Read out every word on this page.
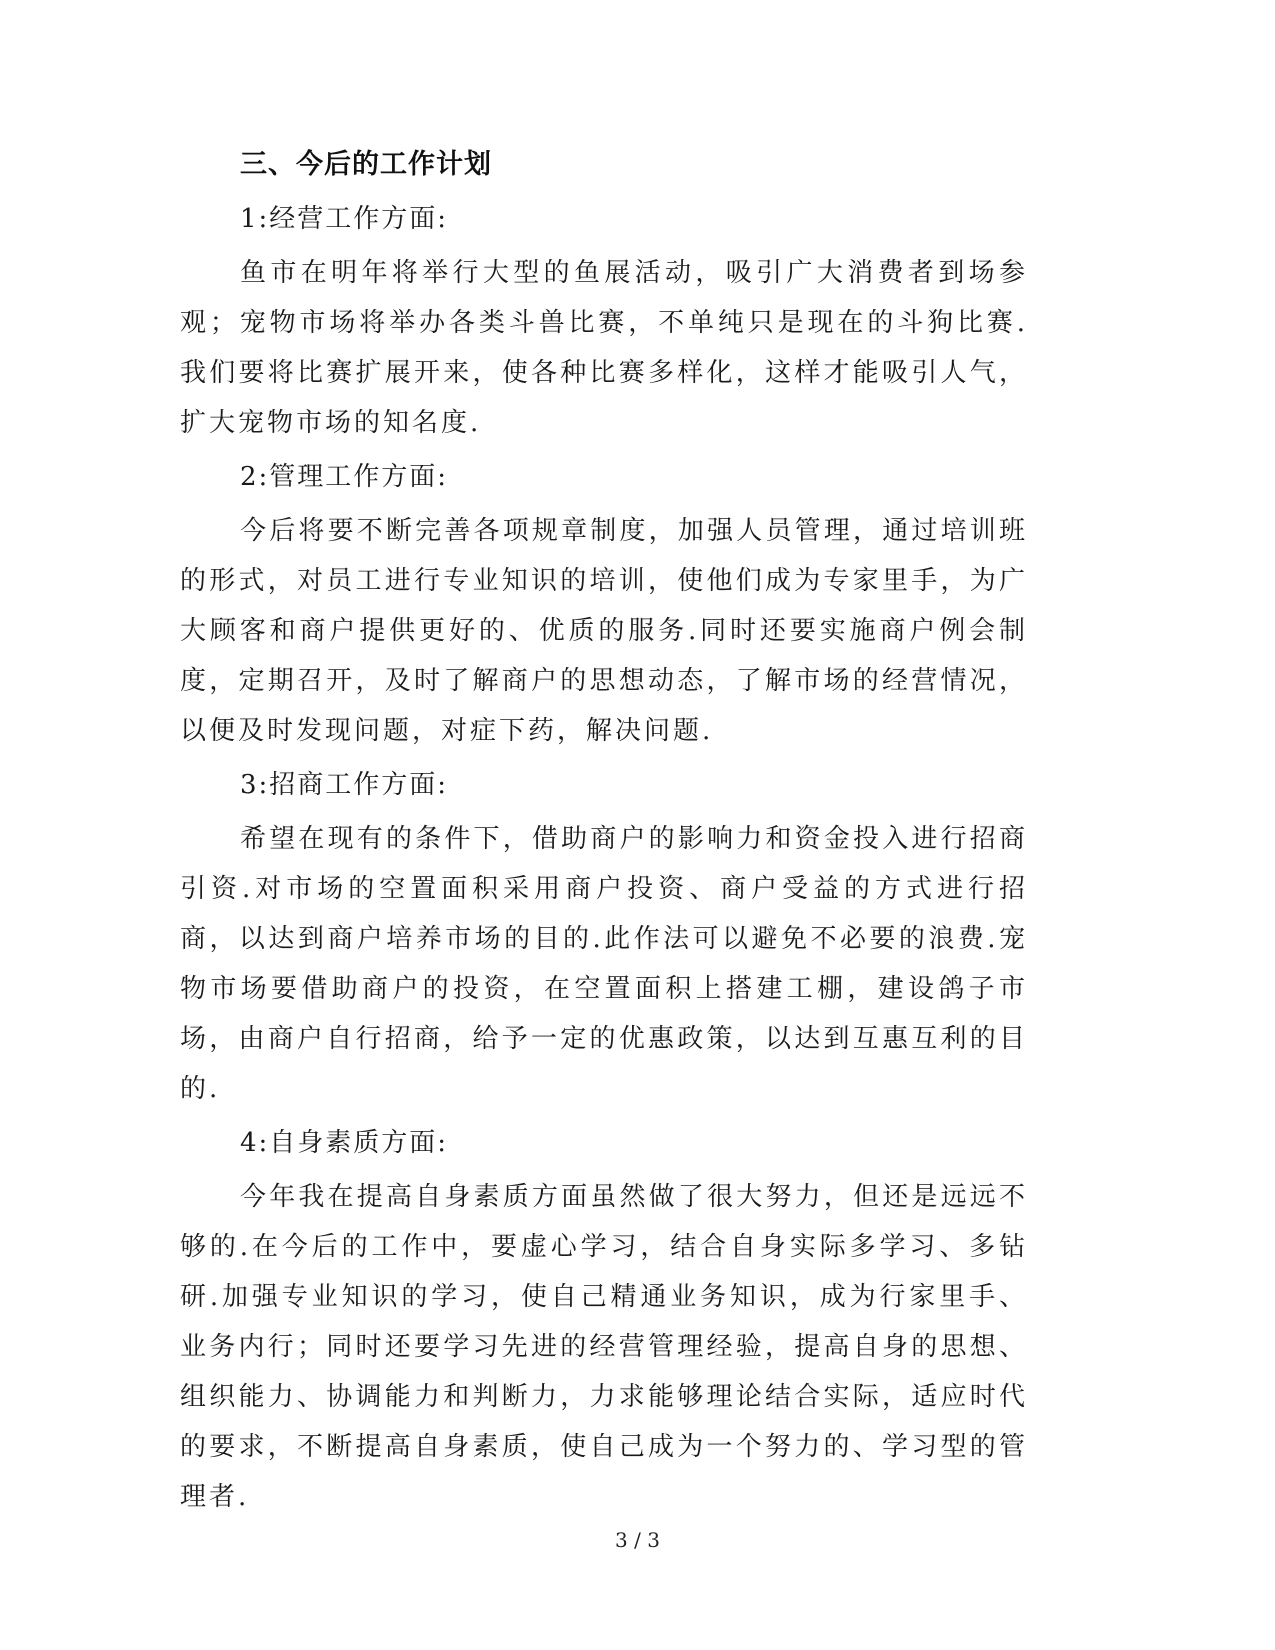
三、今后的工作计划

1:经营工作方面:

鱼市在明年将举行大型的鱼展活动，吸引广大消费者到场参观；宠物市场将举办各类斗兽比赛，不单纯只是现在的斗狗比赛.我们要将比赛扩展开来，使各种比赛多样化，这样才能吸引人气，扩大宠物市场的知名度.

2:管理工作方面:

今后将要不断完善各项规章制度，加强人员管理，通过培训班的形式，对员工进行专业知识的培训，使他们成为专家里手，为广大顾客和商户提供更好的、优质的服务.同时还要实施商户例会制度，定期召开，及时了解商户的思想动态，了解市场的经营情况，以便及时发现问题，对症下药，解决问题.

3:招商工作方面:

希望在现有的条件下，借助商户的影响力和资金投入进行招商引资.对市场的空置面积采用商户投资、商户受益的方式进行招商，以达到商户培养市场的目的.此作法可以避免不必要的浪费.宠物市场要借助商户的投资，在空置面积上搭建工棚，建设鸽子市场，由商户自行招商，给予一定的优惠政策，以达到互惠互利的目的.

4:自身素质方面:

今年我在提高自身素质方面虽然做了很大努力，但还是远远不够的.在今后的工作中，要虚心学习，结合自身实际多学习、多钻研.加强专业知识的学习，使自己精通业务知识，成为行家里手、业务内行；同时还要学习先进的经营管理经验，提高自身的思想、组织能力、协调能力和判断力，力求能够理论结合实际，适应时代的要求，不断提高自身素质，使自己成为一个努力的、学习型的管理者.

3 / 3
